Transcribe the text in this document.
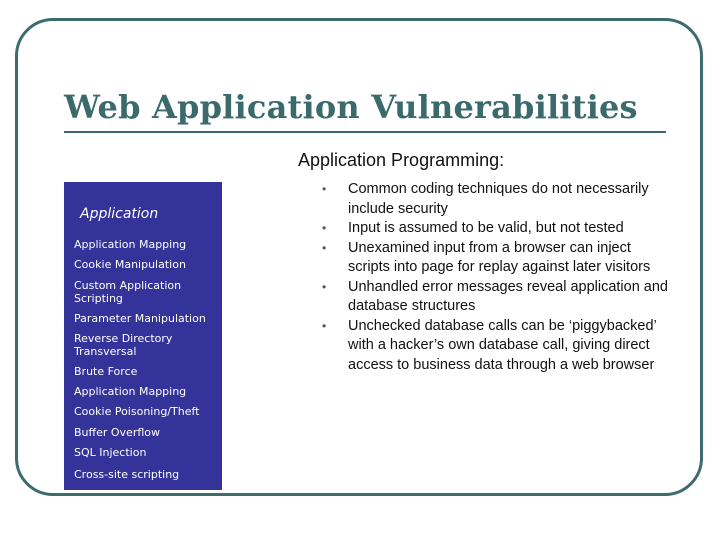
Web Application Vulnerabilities
Application
Application Mapping
Cookie Manipulation
Custom Application Scripting
Parameter Manipulation
Reverse Directory Transversal
Brute Force
Application Mapping
Cookie Poisoning/Theft
Buffer Overflow
SQL Injection
Cross-site scripting
Application Programming:
• Common coding techniques do not necessarily include security
• Input is assumed to be valid, but not tested
• Unexamined input from a browser can inject scripts into page for replay against later visitors
• Unhandled error messages reveal application and database structures
• Unchecked database calls can be ‘piggybacked’ with a hacker’s own database call, giving direct access to business data through a web browser
